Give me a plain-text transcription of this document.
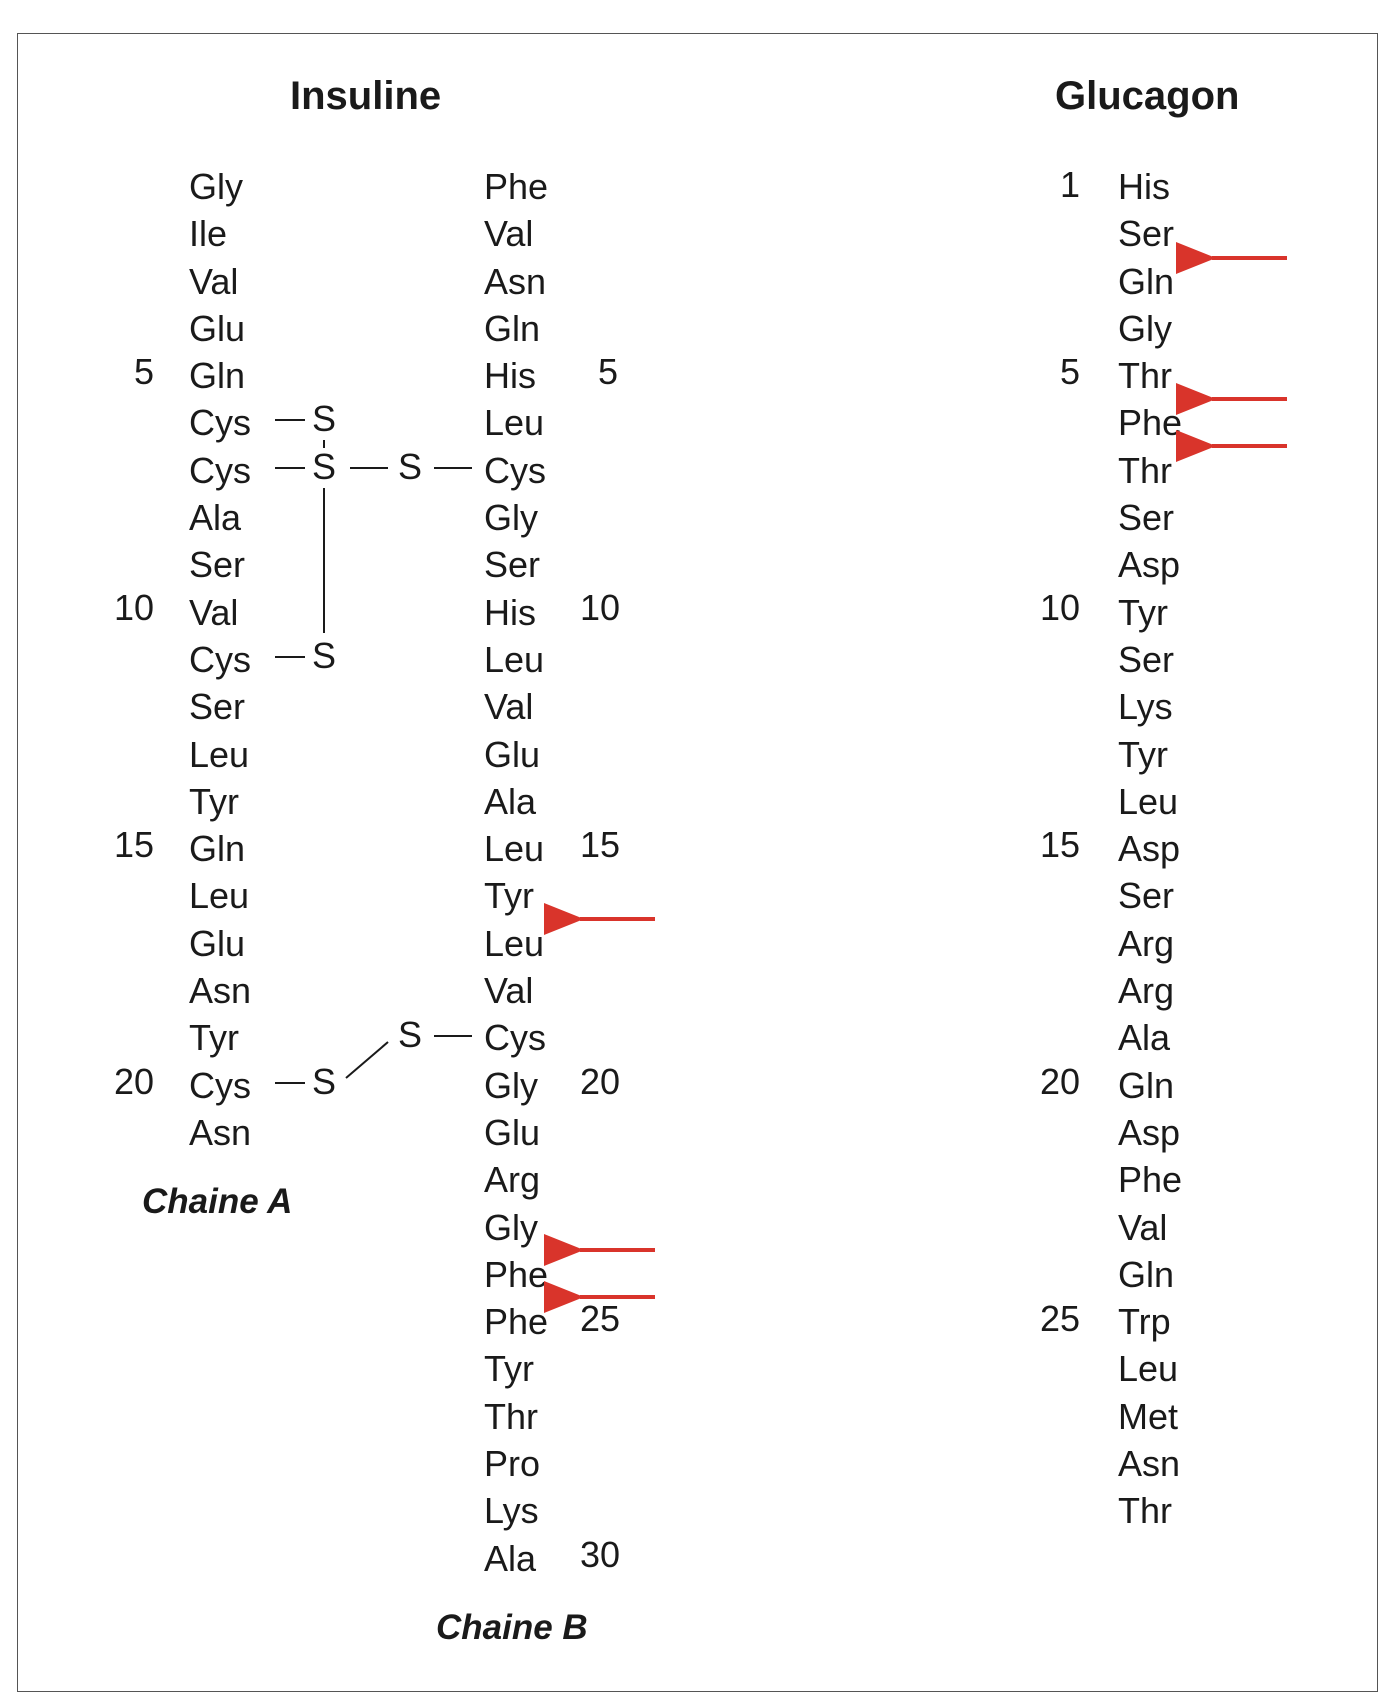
Insuline	Glucagon
Gly
Ile
Val
Glu
Gln
Cys
Cys
Ala
Ser
Val
Cys
Ser
Leu
Tyr
Gln
Leu
Glu
Asn
Tyr
Cys
Asn
5
10
15
20
Phe
Val
Asn
Gln
His
Leu
Cys
Gly
Ser
His
Leu
Val
Glu
Ala
Leu
Tyr
Leu
Val
Cys
Gly
Glu
Arg
Gly
Phe
Phe
Tyr
Thr
Pro
Lys
Ala
5
10
15
20
25
30
S
S S
S
S
S
Chaine A
Chaine B
His
Ser
Gln
Gly
Thr
Phe
Thr
Ser
Asp
Tyr
Ser
Lys
Tyr
Leu
Asp
Ser
Arg
Arg
Ala
Gln
Asp
Phe
Val
Gln
Trp
Leu
Met
Asn
Thr
1
5
10
15
20
25
